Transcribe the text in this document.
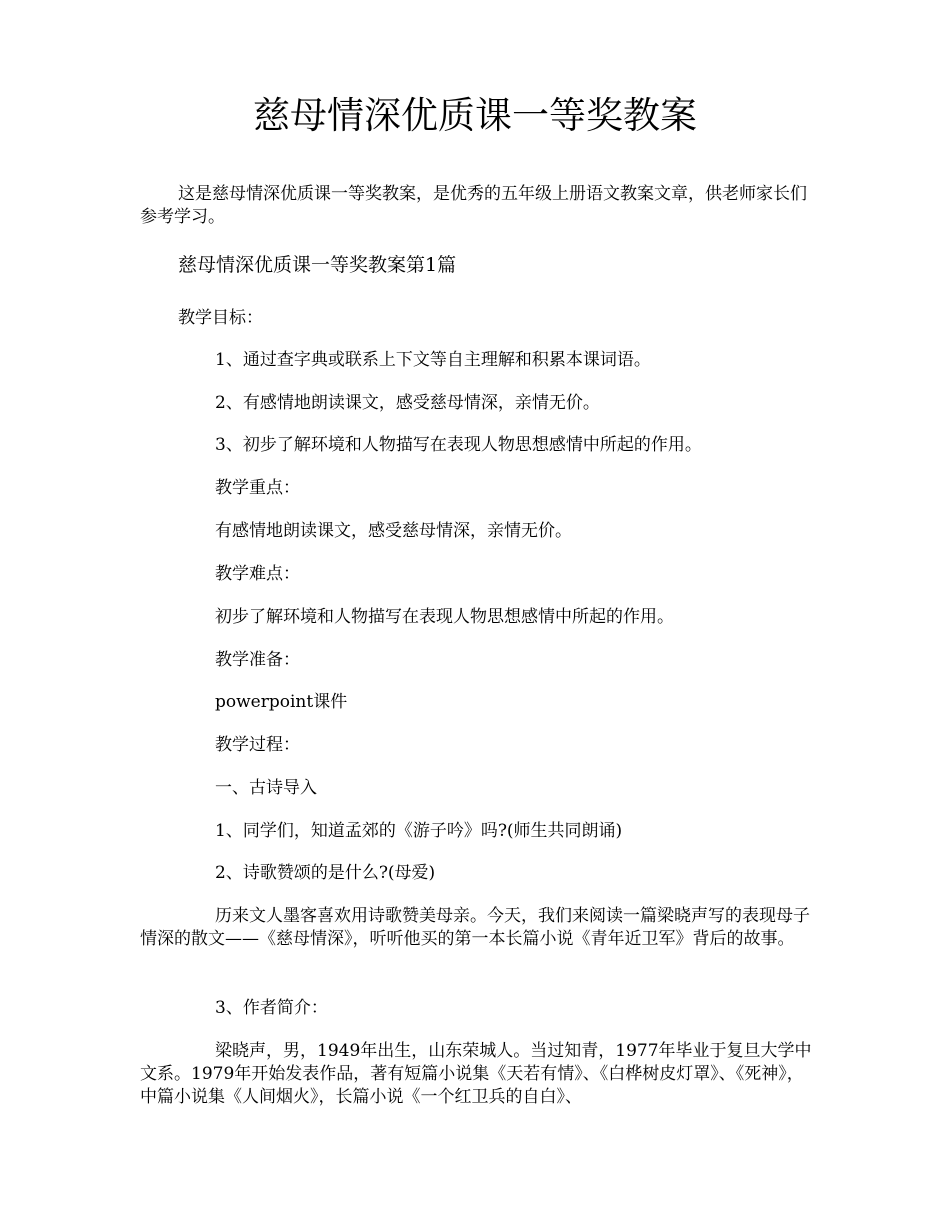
慈母情深优质课一等奖教案

这是慈母情深优质课一等奖教案，是优秀的五年级上册语文教案文章，供老师家长们参考学习。

慈母情深优质课一等奖教案第1篇

教学目标：

1、通过查字典或联系上下文等自主理解和积累本课词语。

2、有感情地朗读课文，感受慈母情深，亲情无价。

3、初步了解环境和人物描写在表现人物思想感情中所起的作用。

教学重点：

有感情地朗读课文，感受慈母情深，亲情无价。

教学难点：

初步了解环境和人物描写在表现人物思想感情中所起的作用。

教学准备：

powerpoint课件

教学过程：

一、古诗导入

1、同学们，知道孟郊的《游子吟》吗?(师生共同朗诵)

2、诗歌赞颂的是什么?(母爱)

历来文人墨客喜欢用诗歌赞美母亲。今天，我们来阅读一篇梁晓声写的表现母子情深的散文——《慈母情深》，听听他买的第一本长篇小说《青年近卫军》背后的故事。

3、作者简介：

梁晓声，男，1949年出生，山东荣城人。当过知青，1977年毕业于复旦大学中文系。1979年开始发表作品，著有短篇小说集《天若有情》、《白桦树皮灯罩》、《死神》，中篇小说集《人间烟火》，长篇小说《一个红卫兵的自白》、
